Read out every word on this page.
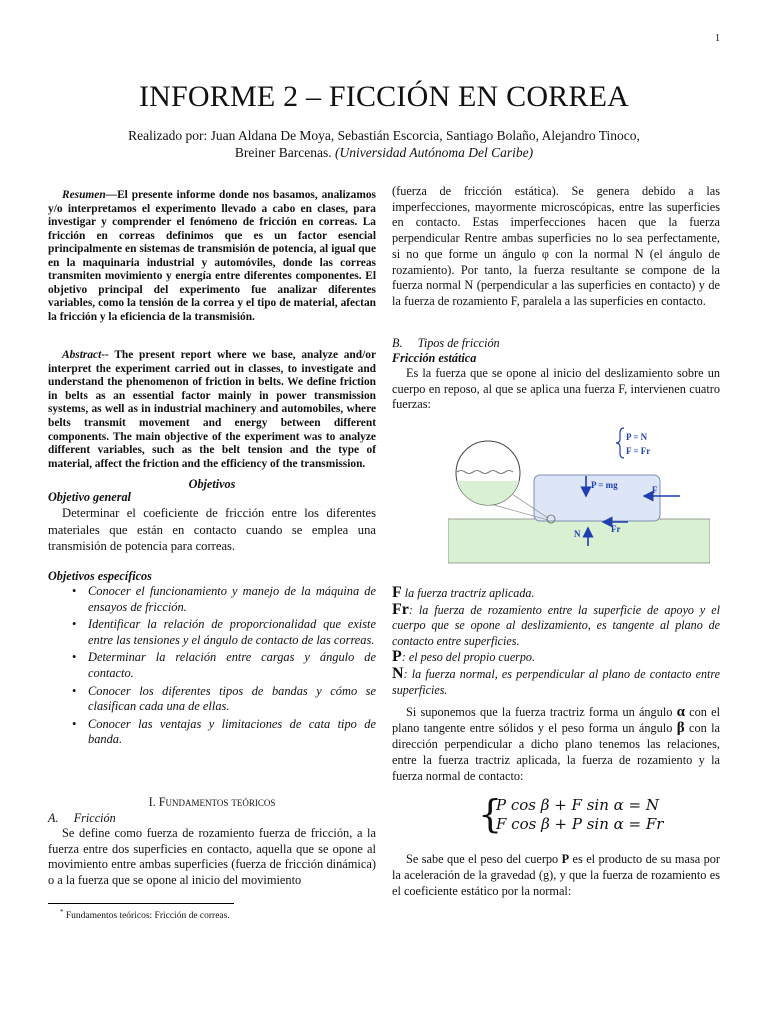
1
INFORME 2 – FICCIÓN EN CORREA
Realizado por: Juan Aldana De Moya, Sebastián Escorcia, Santiago Bolaño, Alejandro Tinoco,
Breiner Barcenas. (Universidad Autónoma Del Caribe)
Resumen—El presente informe donde nos basamos, analizamos y/o interpretamos el experimento llevado a cabo en clases, para investigar y comprender el fenómeno de fricción en correas. La fricción en correas definimos que es un factor esencial principalmente en sistemas de transmisión de potencia, al igual que en la maquinaria industrial y automóviles, donde las correas transmiten movimiento y energía entre diferentes componentes. El objetivo principal del experimento fue analizar diferentes variables, como la tensión de la correa y el tipo de material, afectan la fricción y la eficiencia de la transmisión.
Abstract-- The present report where we base, analyze and/or interpret the experiment carried out in classes, to investigate and understand the phenomenon of friction in belts. We define friction in belts as an essential factor mainly in power transmission systems, as well as in industrial machinery and automobiles, where belts transmit movement and energy between different components. The main objective of the experiment was to analyze different variables, such as the belt tension and the type of material, affect the friction and the efficiency of the transmission.
Objetivos
Objetivo general
Determinar el coeficiente de fricción entre los diferentes materiales que están en contacto cuando se emplea una transmisión de potencia para correas.
Objetivos específicos
• Conocer el funcionamiento y manejo de la máquina de ensayos de fricción.
• Identificar la relación de proporcionalidad que existe entre las tensiones y el ángulo de contacto de las correas.
• Determinar la relación entre cargas y ángulo de contacto.
• Conocer los diferentes tipos de bandas y cómo se clasifican cada una de ellas.
• Conocer las ventajas y limitaciones de cata tipo de banda.
I. Fundamentos teóricos
A.     Fricción
Se define como fuerza de rozamiento fuerza de fricción, a la fuerza entre dos superficies en contacto, aquella que se opone al movimiento entre ambas superficies (fuerza de fricción dinámica) o a la fuerza que se opone al inicio del movimiento
* Fundamentos teóricos: Fricción de correas.
(fuerza de fricción estática). Se genera debido a las imperfecciones, mayormente microscópicas, entre las superficies en contacto. Estas imperfecciones hacen que la fuerza perpendicular Rentre ambas superficies no lo sea perfectamente, si no que forme un ángulo φ con la normal N (el ángulo de rozamiento). Por tanto, la fuerza resultante se compone de la fuerza normal N (perpendicular a las superficies en contacto) y de la fuerza de rozamiento F, paralela a las superficies en contacto.
B.     Tipos de fricción
Fricción estática
Es la fuerza que se opone al inicio del deslizamiento sobre un cuerpo en reposo, al que se aplica una fuerza F, intervienen cuatro fuerzas:
P = N
F = Fr
P = mg	F
Fr
N

F la fuerza tractriz aplicada.

Fr: la fuerza de rozamiento entre la superficie de apoyo y el cuerpo que se opone al deslizamiento, es tangente al plano de contacto entre superficies.

P: el peso del propio cuerpo.

N: la fuerza normal, es perpendicular al plano de contacto entre superficies.

Si suponemos que la fuerza tractriz forma un ángulo α con el plano tangente entre sólidos y el peso forma un ángulo β con la dirección perpendicular a dicho plano tenemos las relaciones, entre la fuerza tractriz aplicada, la fuerza de rozamiento y la fuerza normal de contacto:
{
P cos β + F sin α = N
F cos β + P sin α = Fr
Se sabe que el peso del cuerpo P es el producto de su masa por la aceleración de la gravedad (g), y que la fuerza de rozamiento es el coeficiente estático por la normal:
